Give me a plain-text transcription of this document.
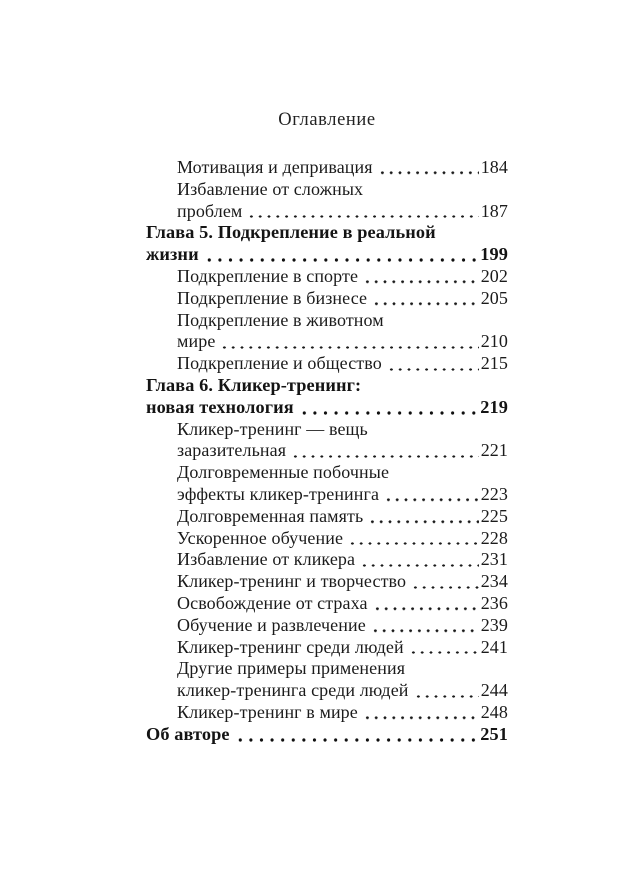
Оглавление
Мотивация и депривация	184
Избавление от сложных
проблем	187
Глава 5. Подкрепление в реальной
жизни	199
Подкрепление в спорте	202
Подкрепление в бизнесе	205
Подкрепление в животном
мире	210
Подкрепление и общество	215
Глава 6. Кликер-тренинг:
новая технология	219
Кликер-тренинг — вещь
заразительная	221
Долговременные побочные
эффекты кликер-тренинга	223
Долговременная память	225
Ускоренное обучение	228
Избавление от кликера	231
Кликер-тренинг и творчество	234
Освобождение от страха	236
Обучение и развлечение	239
Кликер-тренинг среди людей	241
Другие примеры применения
кликер-тренинга среди людей	244
Кликер-тренинг в мире	248
Об авторе	251
